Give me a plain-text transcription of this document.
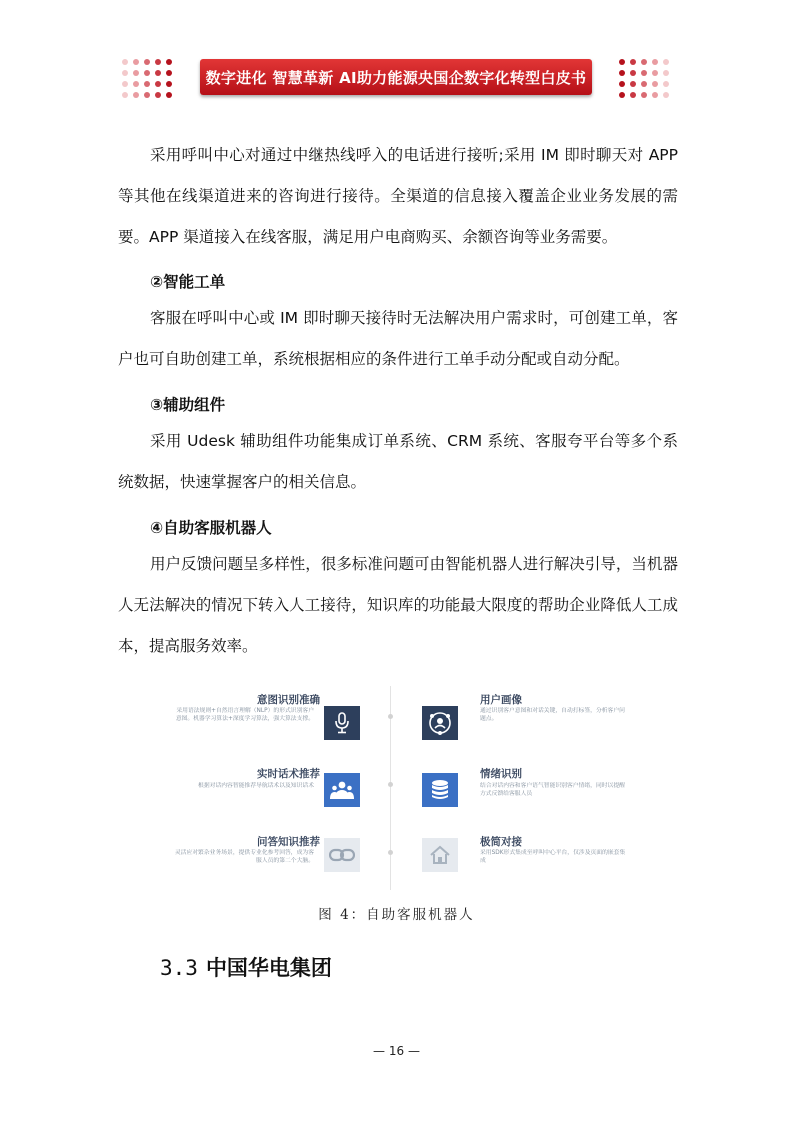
数字进化 智慧革新 AI助力能源央国企数字化转型白皮书

采用呼叫中心对通过中继热线呼入的电话进行接听;采用 IM 即时聊天对 APP 等其他在线渠道进来的咨询进行接待。全渠道的信息接入覆盖企业业务发展的需要。APP 渠道接入在线客服，满足用户电商购买、余额咨询等业务需要。

②智能工单

客服在呼叫中心或 IM 即时聊天接待时无法解决用户需求时，可创建工单，客户也可自助创建工单，系统根据相应的条件进行工单手动分配或自动分配。

③辅助组件

采用 Udesk 辅助组件功能集成订单系统、CRM 系统、客服夸平台等多个系统数据，快速掌握客户的相关信息。

④自助客服机器人

用户反馈问题呈多样性，很多标准问题可由智能机器人进行解决引导，当机器人无法解决的情况下转入人工接待，知识库的功能最大限度的帮助企业降低人工成本，提高服务效率。

意图识别准确
采用语法规则+自然语言理解（NLP）的形式识别客户意图。机器学习算法+深度学习算法，强大算法支撑。
实时话术推荐
根据对话内容智能推荐导航话术以及知识话术
问答知识推荐
灵活应对繁杂业务场景，提供专业化参考回答，成为客服人员的第二个大脑。
用户画像
通过识别客户意图和对话关键，自动打标签，分析客户问题点。
情绪识别
结合对话内容和客户语气智能识别客户情绪，同时以提醒方式反馈给客服人员
极简对接
采用SDK形式集成至呼叫中心平台，仅涉及页面的嵌套集成
图 4：自助客服机器人
3.3 中国华电集团
— 16 —
